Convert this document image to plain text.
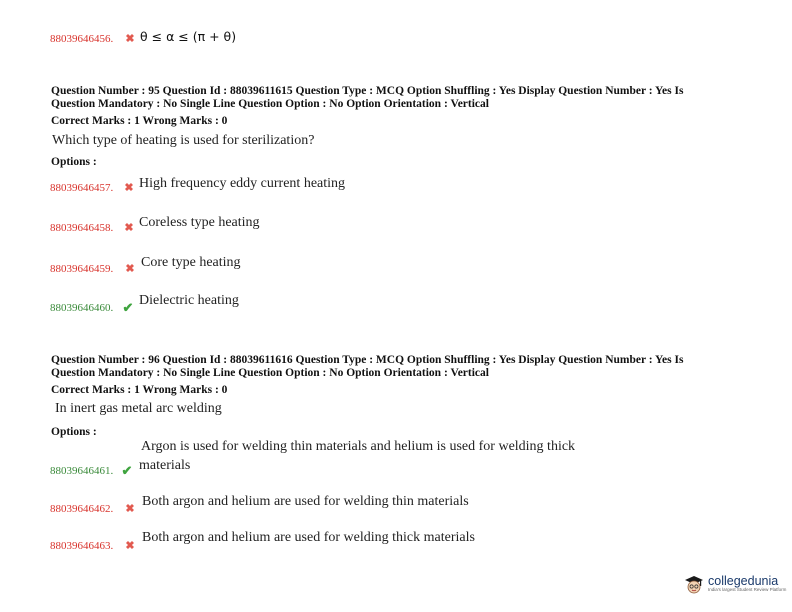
88039646456. ✖ θ ≤ α ≤ (π + θ)
Question Number : 95 Question Id : 88039611615 Question Type : MCQ Option Shuffling : Yes Display Question Number : Yes Is
Question Mandatory : No Single Line Question Option : No Option Orientation : Vertical
Correct Marks : 1 Wrong Marks : 0
Which type of heating is used for sterilization?
Options :
88039646457. ✖ High frequency eddy current heating
88039646458. ✖ Coreless type heating
88039646459. ✖ Core type heating
88039646460. ✔ Dielectric heating
Question Number : 96 Question Id : 88039611616 Question Type : MCQ Option Shuffling : Yes Display Question Number : Yes Is
Question Mandatory : No Single Line Question Option : No Option Orientation : Vertical
Correct Marks : 1 Wrong Marks : 0
In inert gas metal arc welding
Options :
Argon is used for welding thin materials and helium is used for welding thick
88039646461. ✔ materials
88039646462. ✖ Both argon and helium are used for welding thin materials
88039646463. ✖
Both argon and helium are used for welding thick materials
collegedunia
India's largest Student Review Platform
